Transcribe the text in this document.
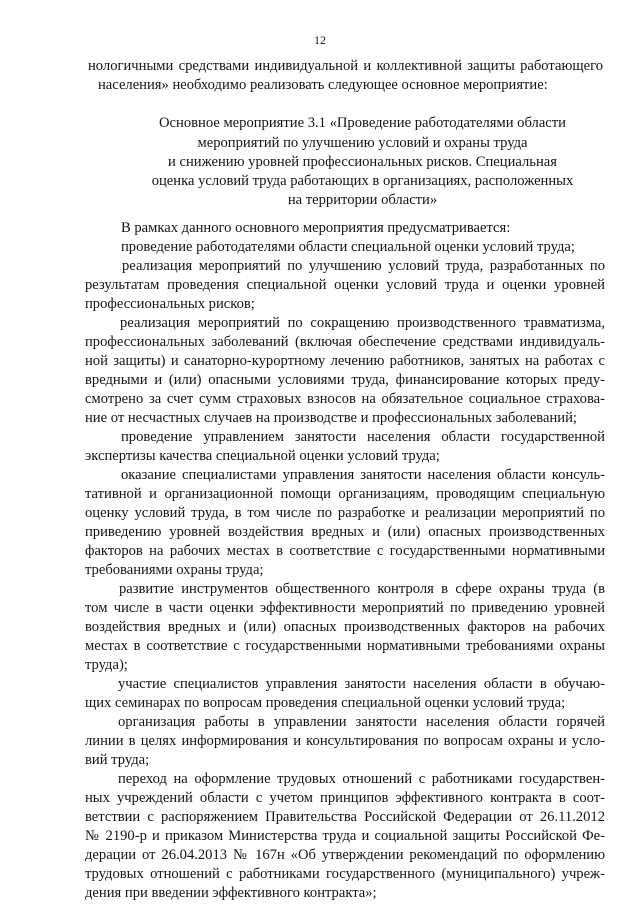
12

нологичными средствами индивидуальной и коллективной защиты работающего

населения» необходимо реализовать следующее основное мероприятие:

Основное мероприятие 3.1 «Проведение работодателями области

мероприятий по улучшению условий и охраны труда

и снижению уровней профессиональных рисков. Специальная

оценка условий труда работающих в организациях, расположенных

на территории области»

В рамках данного основного мероприятия предусматривается:

проведение работодателями области специальной оценки условий труда;

реализация мероприятий по улучшению условий труда, разработанных по

результатам проведения специальной оценки условий труда и оценки уровней

профессиональных рисков;

реализация мероприятий по сокращению производственного травматизма,

профессиональных заболеваний (включая обеспечение средствами индивидуаль-

ной защиты) и санаторно-курортному лечению работников, занятых на работах с

вредными и (или) опасными условиями труда, финансирование которых преду-

смотрено за счет сумм страховых взносов на обязательное социальное страхова-

ние от несчастных случаев на производстве и профессиональных заболеваний;

проведение управлением занятости населения области государственной

экспертизы качества специальной оценки условий труда;

оказание специалистами управления занятости населения области консуль-

тативной и организационной помощи организациям, проводящим специальную

оценку условий труда, в том числе по разработке и реализации мероприятий по

приведению уровней воздействия вредных и (или) опасных производственных

факторов на рабочих местах в соответствие с государственными нормативными

требованиями охраны труда;

развитие инструментов общественного контроля в сфере охраны труда (в

том числе в части оценки эффективности мероприятий по приведению уровней

воздействия вредных и (или) опасных производственных факторов на рабочих

местах в соответствие с государственными нормативными требованиями охраны

труда);

участие специалистов управления занятости населения области в обучаю-

щих семинарах по вопросам проведения специальной оценки условий труда;

организация работы в управлении занятости населения области горячей

линии в целях информирования и консультирования по вопросам охраны и усло-

вий труда;

переход на оформление трудовых отношений с работниками государствен-

ных учреждений области с учетом принципов эффективного контракта в соот-

ветствии с распоряжением Правительства Российской Федерации от 26.11.2012

№ 2190-р и приказом Министерства труда и социальной защиты Российской Фе-

дерации от 26.04.2013 № 167н «Об утверждении рекомендаций по оформлению

трудовых отношений с работниками государственного (муниципального) учреж-

дения при введении эффективного контракта»;
